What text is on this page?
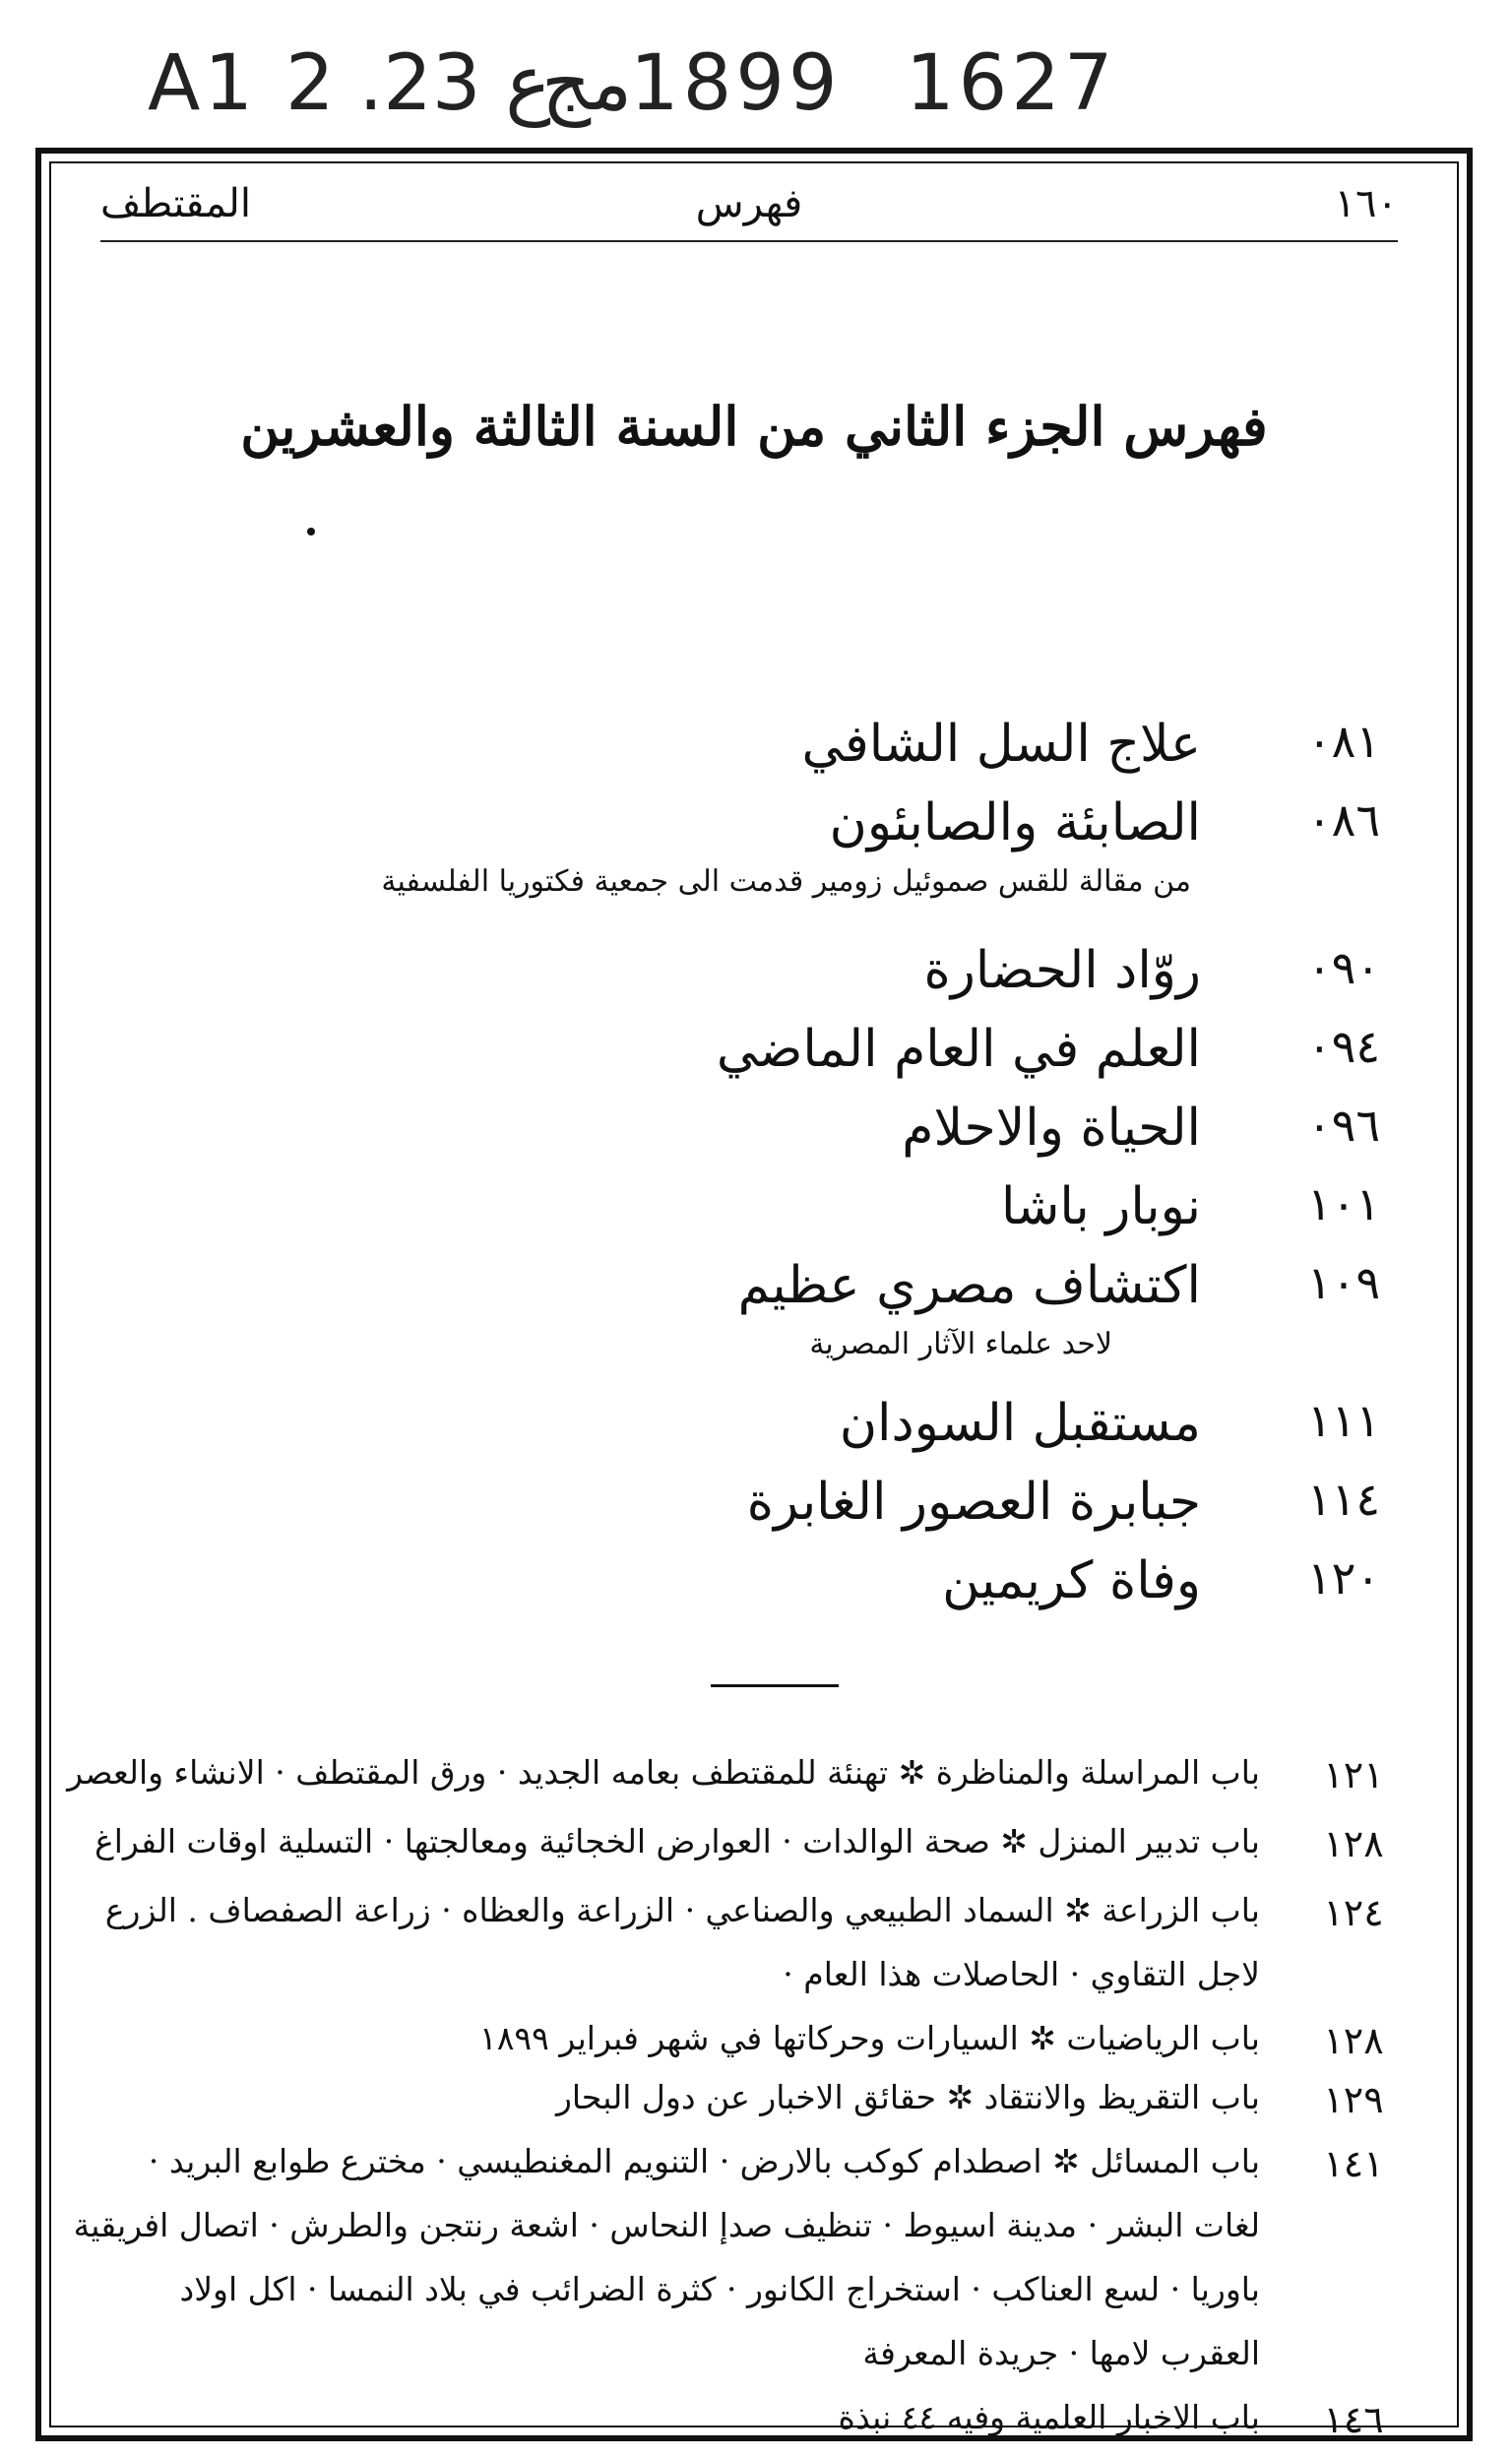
A1 2 .ع 23
مج
1899 1627
المقتطف	فهرس	١٦٠
فهرس الجزء الثاني من السنة الثالثة والعشرين
٠٨١
علاج السل الشافي
٠٨٦
الصابئة والصابئون
من مقالة للقس صموئيل زومير قدمت الى جمعية فكتوريا الفلسفية
٠٩٠
روّاد الحضارة
٠٩٤
العلم في العام الماضي
٠٩٦
الحياة والاحلام
١٠١
نوبار باشا
١٠٩
اكتشاف مصري عظيم
لاحد علماء الآثار المصرية
١١١
مستقبل السودان
١١٤
جبابرة العصور الغابرة
١٢٠
وفاة كريمين
١٢١
باب المراسلة والمناظرة ✲ تهنئة للمقتطف بعامه الجديد · ورق المقتطف · الانشاء والعصر
١٢٨
باب تدبير المنزل ✲ صحة الوالدات · العوارض الخجائية ومعالجتها · التسلية اوقات الفراغ
١٢٤
باب الزراعة ✲ السماد الطبيعي والصناعي · الزراعة والعظاه · زراعة الصفصاف . الزرع
لاجل التقاوي · الحاصلات هذا العام ·
١٢٨
باب الرياضيات ✲ السيارات وحركاتها في شهر فبراير ١٨٩٩
١٢٩
باب التقريظ والانتقاد ✲ حقائق الاخبار عن دول البحار
١٤١
باب المسائل ✲ اصطدام كوكب بالارض · التنويم المغنطيسي · مخترع طوابع البريد ·
لغات البشر · مدينة اسيوط · تنظيف صدإ النحاس · اشعة رنتجن والطرش · اتصال افريقية
باوريا · لسع العناكب · استخراج الكانور · كثرة الضرائب في بلاد النمسا · اكل اولاد
العقرب لامها · جريدة المعرفة
١٤٦
باب الاخبار العلمية وفيه ٤٤ نبذة
